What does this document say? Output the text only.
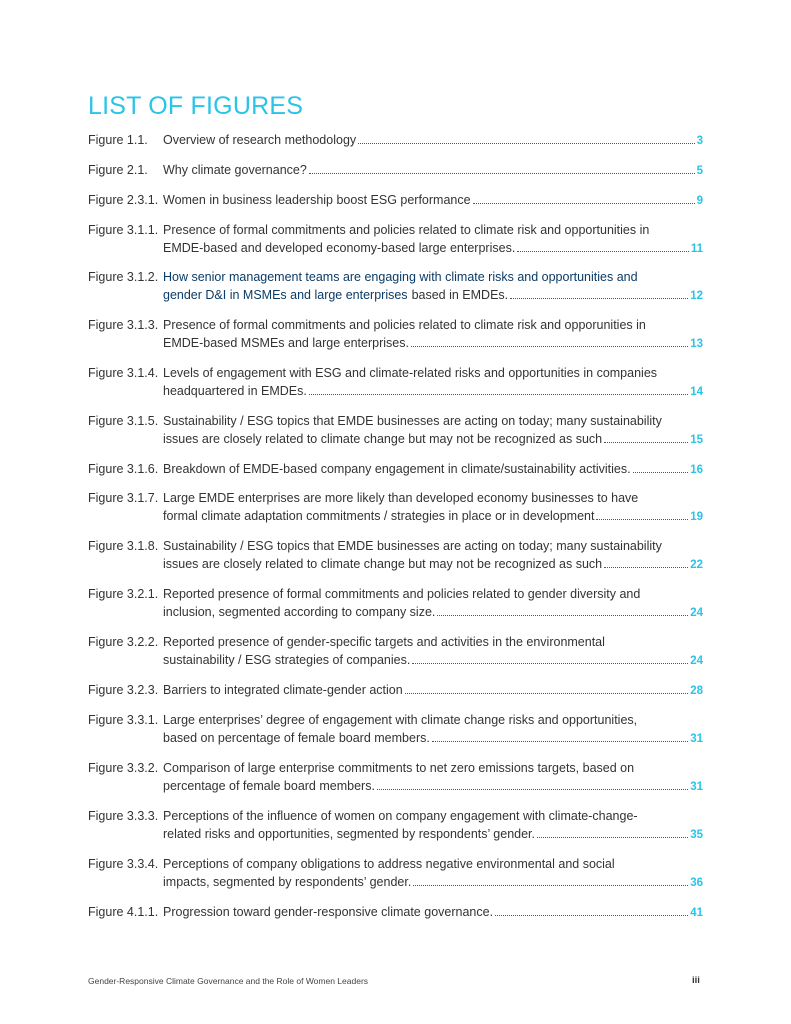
LIST OF FIGURES
Figure 1.1. Overview of research methodology	3
Figure 2.1. Why climate governance?	5
Figure 2.3.1. Women in business leadership boost ESG performance	9
Figure 3.1.1. Presence of formal commitments and policies related to climate risk and opportunities in
EMDE-based and developed economy-based large enterprises.	11
Figure 3.1.2. How senior management teams are engaging with climate risks and opportunities and
gender D&I in MSMEs and large enterprises based in EMDEs.	12
Figure 3.1.3. Presence of formal commitments and policies related to climate risk and opporunities in
EMDE-based MSMEs and large enterprises.	13
Figure 3.1.4. Levels of engagement with ESG and climate-related risks and opportunities in companies
headquartered in EMDEs.	14
Figure 3.1.5. Sustainability / ESG topics that EMDE businesses are acting on today; many sustainability
issues are closely related to climate change but may not be recognized as such	15
Figure 3.1.6. Breakdown of EMDE-based company engagement in climate/sustainability activities.	16
Figure 3.1.7. Large EMDE enterprises are more likely than developed economy businesses to have
formal climate adaptation commitments / strategies in place or in development	19
Figure 3.1.8. Sustainability / ESG topics that EMDE businesses are acting on today; many sustainability
issues are closely related to climate change but may not be recognized as such	22
Figure 3.2.1. Reported presence of formal commitments and policies related to gender diversity and
inclusion, segmented according to company size.	24
Figure 3.2.2. Reported presence of gender-specific targets and activities in the environmental
sustainability / ESG strategies of companies.	24
Figure 3.2.3. Barriers to integrated climate-gender action	28
Figure 3.3.1. Large enterprises’ degree of engagement with climate change risks and opportunities,
based on percentage of female board members.	31
Figure 3.3.2. Comparison of large enterprise commitments to net zero emissions targets, based on
percentage of female board members.	31
Figure 3.3.3. Perceptions of the influence of women on company engagement with climate-change-
related risks and opportunities, segmented by respondents’ gender.	35
Figure 3.3.4. Perceptions of company obligations to address negative environmental and social
impacts, segmented by respondents’ gender.	36
Figure 4.1.1. Progression toward gender-responsive climate governance.	41
Gender-Responsive Climate Governance and the Role of Women Leaders	iii
